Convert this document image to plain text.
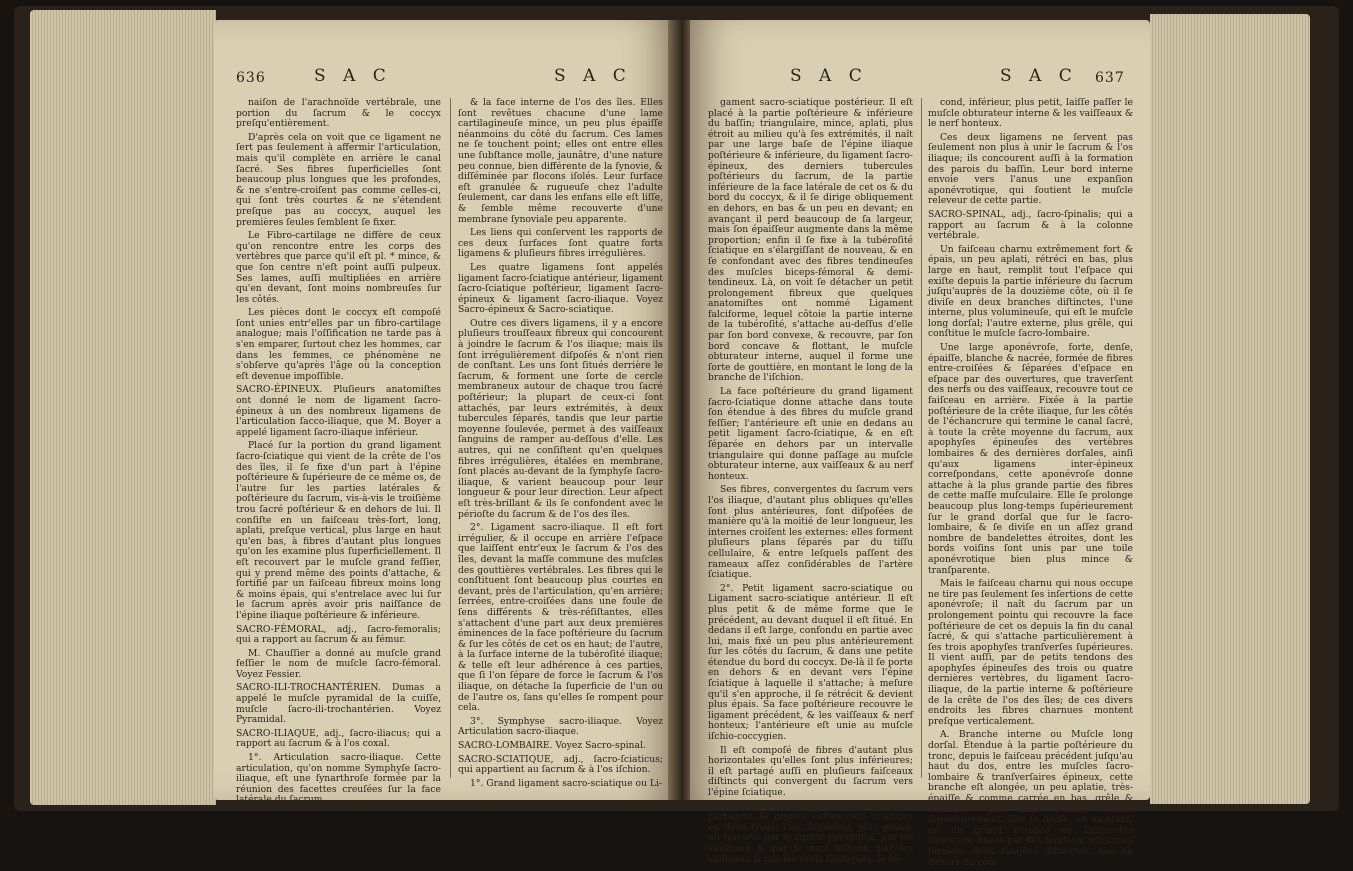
636	S A C	S A C

naiſon de l'arachnoïde vertébrale, une portion du ſacrum & le coccyx preſqu'entièrement.

D'après cela on voit que ce ligament ne ſert pas ſeulement à affermir l'articulation, mais qu'il complète en arrière le canal ſacré. Ses fibres ſuperficielles ſont beaucoup plus longues que les profondes, & ne s'entre-croiſent pas comme celles-ci, qui ſont très courtes & ne s'étendent preſque pas au coccyx, auquel les premières ſeules ſemblent ſe fixer.

Le Fibro-cartilage ne diffère de ceux qu'on rencontre entre les corps des vertèbres que parce qu'il eſt pl. * mince, & que ſon centre n'eſt point auſſi pulpeux. Ses lames, auſſi multipliées en arrière qu'en devant, ſont moins nombreuſes ſur les côtés.

Les pièces dont le coccyx eſt compoſé ſont unies entr'elles par un fibro-cartilage analogue; mais l'oſſification ne tarde pas à s'en emparer, ſurtout chez les hommes, car dans les femmes, ce phénomène ne s'obſerve qu'après l'âge où la conception eſt devenue impoſſible.

SACRO-ÉPINEUX. Pluſieurs anatomiſtes ont donné le nom de ligament ſacro-épineux à un des nombreux ligamens de l'articulation ſacco-iliaque, que M. Boyer a appelé ligament ſacro-iliaque inférieur.

Placé ſur la portion du grand ligament ſacro-ſciatique qui vient de la crête de l'os des îles, il ſe fixe d'un part à l'épine poſtérieure & ſupérieure de ce même os, de l'autre ſur les parties latérales & poſtérieure du ſacrum, vis-à-vis le troiſième trou ſacré poſtérieur & en dehors de lui. Il conſiſte en un faiſceau très-fort, long, aplati, preſque vertical, plus large en haut qu'en bas, à fibres d'autant plus longues qu'on les examine plus ſuperficiellement. Il eſt recouvert par le muſcle grand feſſier, qui y prend même des points d'attache, & fortifié par un faiſceau fibreux moins long & moins épais, qui s'entrelace avec lui ſur le ſacrum après avoir pris naiſſance de l'épine iliaque poſtérieure & inférieure.

SACRO-FÉMORAL, adj., ſacro-femoralis; qui a rapport au ſacrum & au fémur.

M. Chauſſier a donné au muſcle grand feſſier le nom de muſcle ſacro-fémoral. Voyez Fessier.

SACRO-ILI-TROCHANTÉRIEN. Dumas a appelé le muſcle pyramidal de la cuiſſe, muſcle ſacro-ili-trochantérien. Voyez Pyramidal.

SACRO-ILIAQUE, adj., ſacro-iliacus; qui a rapport au ſacrum & à l'os coxal.

1°. Articulation sacro-iliaque. Cette articulation, qu'on nomme Symphyſe ſacro-iliaque, eſt une ſynarthroſe formée par la réunion des facettes creuſées ſur la face latérale du ſacrum,

& la face interne de l'os des îles. Elles ſont revêtues chacune d'une lame cartilagineuſe mince, un peu plus épaiſſe néanmoins du côté du ſacrum. Ces lames ne ſe touchent point; elles ont entre elles une ſubſtance molle, jaunâtre, d'une nature peu connue, bien différente de la ſynovie, & diſſéminée par flocons iſolés. Leur ſurface eſt granulée & rugueuſe chez l'adulte ſeulement, car dans les enfans elle eſt liſſe, & ſemble même recouverte d'une membrane ſynoviale peu apparente.

Les liens qui conſervent les rapports de ces deux ſurfaces ſont quatre forts ligamens & pluſieurs fibres irrégulières.

Les quatre ligamens ſont appelés ligament ſacro-ſciatique antérieur, ligament ſacro-ſciatique poſtérieur, ligament ſacro-épineux & ligament ſacro-iliaque. Voyez Sacro-épineux & Sacro-sciatique.

Outre ces divers ligamens, il y a encore pluſieurs trouſſeaux fibreux qui concourent à joindre le ſacrum & l'os iliaque; mais ils ſont irrégulièrement diſpoſés & n'ont rien de conſtant. Les uns ſont ſitués derrière le ſacrum, & forment une ſorte de cercle membraneux autour de chaque trou ſacré poſtérieur; la plupart de ceux-ci ſont attachés, par leurs extrémités, à deux tubercules ſéparés, tandis que leur partie moyenne ſoulevée, permet à des vaiſſeaux ſanguins de ramper au-deſſous d'elle. Les autres, qui ne conſiſtent qu'en quelques fibres irrégulières, étalées en membrane, ſont placés au-devant de la ſymphyſe ſacro-iliaque, & varient beaucoup pour leur longueur & pour leur direction. Leur aſpect eſt très-brillant & ils ſe confondent avec le périoſte du ſacrum & de l'os des îles.

2°. Ligament sacro-iliaque. Il eſt fort irrégulier, & il occupe en arrière l'eſpace que laiſſent entr'eux le ſacrum & l'os des îles, devant la maſſe commune des muſcles des gouttières vertébrales. Les fibres qui le conſtituent ſont beaucoup plus courtes en devant, près de l'articulation, qu'en arrière; ſerrées, entre-croiſées dans une foule de ſens différents & très-réſiſtantes, elles s'attachent d'une part aux deux premières éminences de la face poſtérieure du ſacrum & ſur les côtés de cet os en haut; de l'autre, à la ſurface interne de la tubéroſité iliaque; & telle eſt leur adhérence à ces parties, que ſi l'on ſépare de force le ſacrum & l'os iliaque, on détache la ſuperficie de l'un ou de l'autre os, ſans qu'elles ſe rompent pour cela.

3°. Symphyse sacro-iliaque. Voyez Articulation sacro-iliaque.

SACRO-LOMBAIRE. Voyez Sacro-spinal.

SACRO-SCIATIQUE, adj., ſacro-ſciaticus; qui appartient au ſacrum & à l'os iſchion.

1°. Grand ligament sacro-sciatique ou Li-

S A C	S A C 637

gament sacro-sciatique postérieur. Il eſt placé à la partie poſtérieure & inférieure du baſſin; triangulaire, mince, aplati, plus étroit au milieu qu'à ſes extrémités, il naît par une large baſe de l'épine iliaque poſtérieure & inférieure, du ligament ſacro-épineux, des derniers tubercules poſtérieurs du ſacrum, de la partie inférieure de la face latérale de cet os & du bord du coccyx, & il ſe dirige obliquement en dehors, en bas & un peu en devant; en avançant il perd beaucoup de ſa largeur, mais ſon épaiſſeur augmente dans la même proportion; enfin il ſe fixe à la tubéroſité ſciatique en s'élargiſſant de nouveau, & en ſe confondant avec des fibres tendineuſes des muſcles biceps-fémoral & demi-tendineux. Là, on voit ſe détacher un petit prolongement fibreux que quelques anatomiſtes ont nommé Ligament falciforme, lequel côtoie la partie interne de la tubéroſité, s'attache au-deſſus d'elle par ſon bord convexe, & recouvre, par ſon bord concave & flottant, le muſcle obturateur interne, auquel il forme une ſorte de gouttière, en montant le long de la branche de l'iſchion.

La face poſtérieure du grand ligament ſacro-ſciatique donne attache dans toute ſon étendue à des fibres du muſcle grand feſſier; l'antérieure eſt unie en dedans au petit ligament ſacro-ſciatique, & en eſt ſéparée en dehors par un intervalle triangulaire qui donne paſſage au muſcle obturateur interne, aux vaiſſeaux & au nerf honteux.

Ses fibres, convergentes du ſacrum vers l'os iliaque, d'autant plus obliques qu'elles ſont plus antérieures, ſont diſpoſées de manière qu'à la moitié de leur longueur, les internes croiſent les externes: elles forment pluſieurs plans ſéparés par du tiſſu cellulaire, & entre leſquels paſſent des rameaux aſſez conſidérables de l'artère ſciatique.

2°. Petit ligament sacro-sciatique ou Ligament sacro-sciatique antérieur. Il eſt plus petit & de même forme que le précédent, au devant duquel il eſt ſitué. En dedans il eſt large, confondu en partie avec lui, mais fixé un peu plus antérieurement ſur les côtés du ſacrum, & dans une petite étendue du bord du coccyx. De-là il ſe porte en dehors & en devant vers l'épine ſciatique à laquelle il s'attache; à meſure qu'il s'en approche, il ſe rétrécit & devient plus épais. Sa face poſtérieure recouvre le ligament précédent, & les vaiſſeaux & nerf honteux; l'antérieure eſt unie au muſcle iſchio-coccygien.

Il eſt compoſé de fibres d'autant plus horizontales qu'elles ſont plus inférieures; il eſt partagé auſſi en pluſieurs faiſceaux diſtincts qui convergent du ſacrum vers l'épine ſciatique.

Les deux ligamens ſacro-ſciatiques partagent la grande échancrure ſciatique en deux trous; l'un, ſupérieur, plus grand, eſt traverſé par le muſcle pyramidal, par les vaiſſeaux & par le nerf feſſiers, par les vaiſſeaux & par les nerfs ſciatiques; le ſe-

cond, inférieur, plus petit, laiſſe paſſer le muſcle obturateur interne & les vaiſſeaux & le nerf honteux.

Ces deux ligamens ne ſervent pas ſeulement non plus à unir le ſacrum & l'os iliaque; ils concourent auſſi à la formation des parois du baſſin. Leur bord interne envoie vers l'anus une expanſion aponévrotique, qui ſoutient le muſcle releveur de cette partie.

SACRO-SPINAL, adj., ſacro-ſpinalis; qui a rapport au ſacrum & à la colonne vertébrale.

Un faiſceau charnu extrêmement fort & épais, un peu aplati, rétréci en bas, plus large en haut, remplit tout l'eſpace qui exiſte depuis la partie inférieure du ſacrum juſqu'auprès de la douzième côte, où il ſe diviſe en deux branches diſtinctes, l'une interne, plus volumineuſe, qui eſt le muſcle long dorſal; l'autre externe, plus grêle, qui conſtitue le muſcle ſacro-lombaire.

Une large aponévroſe, forte, denſe, épaiſſe, blanche & nacrée, formée de fibres entre-croiſées & ſéparées d'eſpace en eſpace par des ouvertures, que traverſent des nerfs ou des vaiſſeaux, recouvre tout ce faiſceau en arrière. Fixée à la partie poſtérieure de la crête iliaque, ſur les côtés de l'échancrure qui termine le canal ſacré, à toute la crête moyenne du ſacrum, aux apophyſes épineuſes des vertèbres lombaires & des dernières dorſales, ainſi qu'aux ligamens inter-épineux correſpondans, cette aponévroſe donne attache à la plus grande partie des fibres de cette maſſe muſculaire. Elle ſe prolonge beaucoup plus long-temps ſupérieurement ſur le grand dorſal que ſur le ſacro-lombaire, & ſe diviſe en un aſſez grand nombre de bandelettes étroites, dont les bords voiſins ſont unis par une toile aponévrotique bien plus mince & tranſparente.

Mais le faiſceau charnu qui nous occupe ne tire pas ſeulement ſes inſertions de cette aponévroſe; il naît du ſacrum par un prolongement pointu qui recouvre la face poſtérieure de cet os depuis la fin du canal ſacré, & qui s'attache particulièrement à ſes trois apophyſes tranſverſes ſupérieures. Il vient auſſi, par de petits tendons des apophyſes épineuſes des trois ou quatre dernières vertèbres, du ligament ſacro-iliaque, de la partie interne & poſtérieure de la crête de l'os des îles; de ces divers endroits les fibres charnues montent preſque verticalement.

A. Branche interne ou Muſcle long dorſal. Étendue à la partie poſtérieure du tronc, depuis le faiſceau précédent juſqu'au haut du dos, entre les muſcles ſacro-lombaire & tranſverſaires épineux, cette branche eſt alongée, un peu aplatie, très-épaiſſe & comme carrée en bas, grêle & terminée par une pointe étroite ſupérieurement. Elle ſe diviſe, en montant, en un grand nombre de languettes charnues, fixées par des tendons, leſquelles forment deux rangées diſtinctes, une en dehors du côté
